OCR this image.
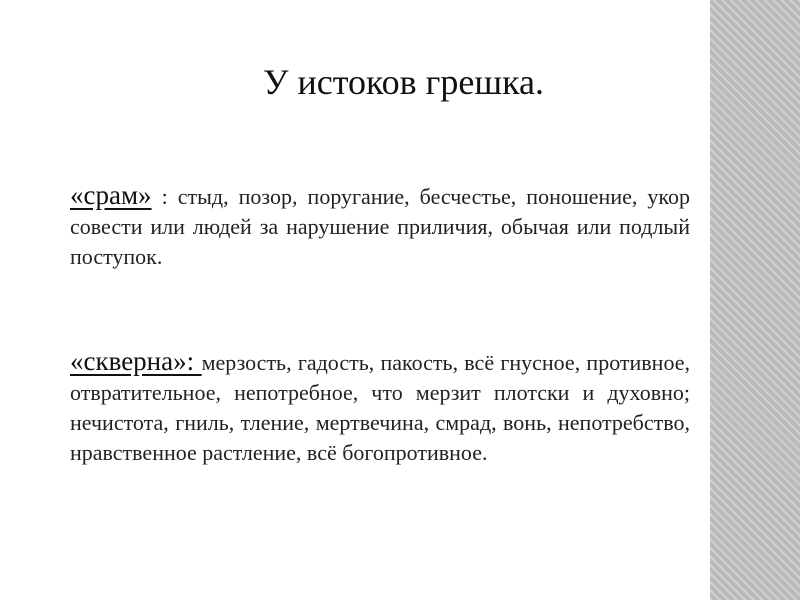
У истоков грешка.

«срам» : стыд, позор, поругание, бесчестье, поношение, укор совести или людей за нарушение приличия, обычая или подлый поступок.

«скверна»: мерзость, гадость, пакость, всё гнусное, противное, отвратительное, непотребное, что мерзит плотски и духовно; нечистота, гниль, тление, мертвечина, смрад, вонь, непотребство, нравственное растление, всё богопротивное.
